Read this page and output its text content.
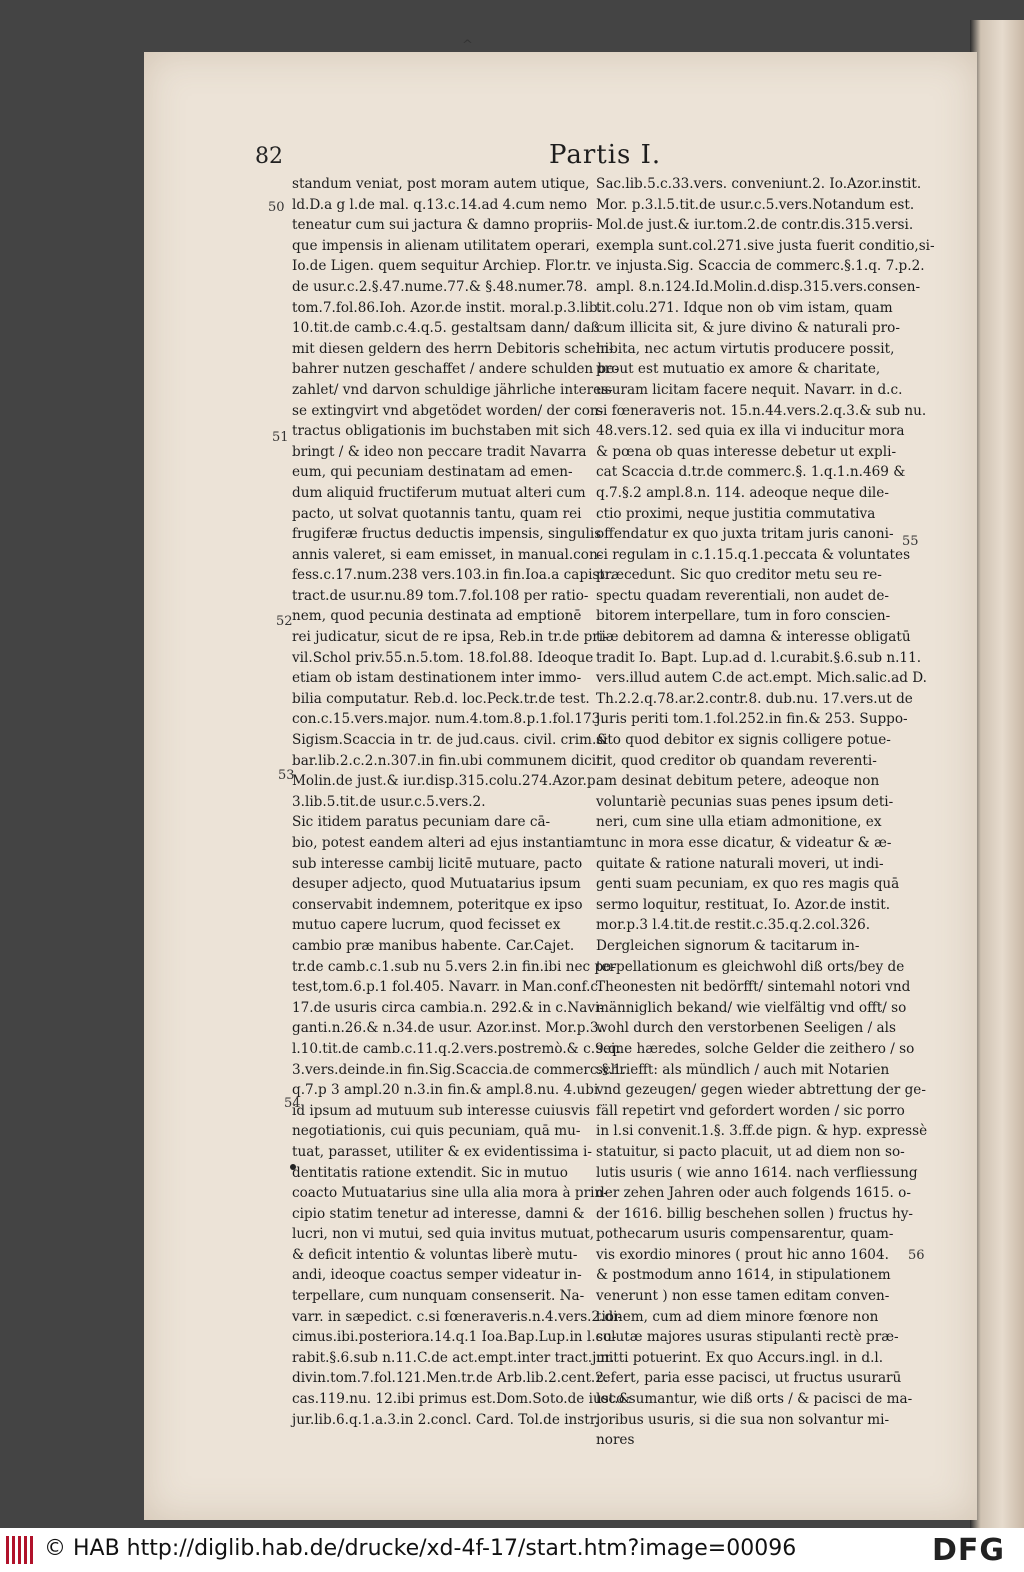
^
82	Partis I.
50
51
52
53
54
55
56
standum veniat, post moram autem utique,
ld.D.a g l.de mal. q.13.c.14.ad 4.cum nemo
teneatur cum sui jactura & damno propriis-
que impensis in alienam utilitatem operari,
Io.de Ligen. quem sequitur Archiep. Flor.tr.
de usur.c.2.§.47.nume.77.& §.48.numer.78.
tom.7.fol.86.Ioh. Azor.de instit. moral.p.3.lib.
10.tit.de camb.c.4.q.5. gestaltsam dann/ daß
mit diesen geldern des herrn Debitoris schein-
bahrer nutzen geschaffet / andere schulden be-
zahlet/ vnd darvon schuldige jährliche interes-
se extingvirt vnd abgetödet worden/ der con-
tractus obligationis im buchstaben mit sich
bringt / & ideo non peccare tradit Navarra
eum, qui pecuniam destinatam ad emen-
dum aliquid fructiferum mutuat alteri cum
pacto, ut solvat quotannis tantu, quam rei
frugiferæ fructus deductis impensis, singulis
annis valeret, si eam emisset, in manual.con-
fess.c.17.num.238 vers.103.in fin.Ioa.a capistr.
tract.de usur.nu.89 tom.7.fol.108 per ratio-
nem, quod pecunia destinata ad emptionē
rei judicatur, sicut de re ipsa, Reb.in tr.de pri-
vil.Schol priv.55.n.5.tom. 18.fol.88. Ideoque
etiam ob istam destinationem inter immo-
bilia computatur. Reb.d. loc.Peck.tr.de test.
con.c.15.vers.major. num.4.tom.8.p.1.fol.173.
Sigism.Scaccia in tr. de jud.caus. civil. crim.&
bar.lib.2.c.2.n.307.in fin.ubi communem dicit.
Molin.de just.& iur.disp.315.colu.274.Azor.p.
3.lib.5.tit.de usur.c.5.vers.2.
Sic itidem paratus pecuniam dare cā-
bio, potest eandem alteri ad ejus instantiam
sub interesse cambij licitē mutuare, pacto
desuper adjecto, quod Mutuatarius ipsum
conservabit indemnem, poteritque ex ipso
mutuo capere lucrum, quod fecisset ex
cambio præ manibus habente. Car.Cajet.
tr.de camb.c.1.sub nu 5.vers 2.in fin.ibi nec po-
test,tom.6.p.1 fol.405. Navarr. in Man.conf.c.
17.de usuris circa cambia.n. 292.& in c.Navi-
ganti.n.26.& n.34.de usur. Azor.inst. Mor.p.3.
l.10.tit.de camb.c.11.q.2.vers.postremò.& c.9.q.
3.vers.deinde.in fin.Sig.Scaccia.de commerc.§.1.
q.7.p 3 ampl.20 n.3.in fin.& ampl.8.nu. 4.ubi
id ipsum ad mutuum sub interesse cuiusvis
negotiationis, cui quis pecuniam, quā mu-
tuat, parasset, utiliter & ex evidentissima i-
dentitatis ratione extendit. Sic in mutuo
coacto Mutuatarius sine ulla alia mora à prin-
cipio statim tenetur ad interesse, damni &
lucri, non vi mutui, sed quia invitus mutuat,
& deficit intentio & voluntas liberè mutu-
andi, ideoque coactus semper videatur in-
terpellare, cum nunquam consenserit. Na-
varr. in sæpedict. c.si fœneraveris.n.4.vers.2.di-
cimus.ibi.posteriora.14.q.1 Ioa.Bap.Lup.in l.cu-
rabit.§.6.sub n.11.C.de act.empt.inter tract.jur.
divin.tom.7.fol.121.Men.tr.de Arb.lib.2.cent.2.
cas.119.nu. 12.ibi primus est.Dom.Soto.de iust.&
jur.lib.6.q.1.a.3.in 2.concl. Card. Tol.de instr.
Sac.lib.5.c.33.vers. conveniunt.2. Io.Azor.instit.
Mor. p.3.l.5.tit.de usur.c.5.vers.Notandum est.
Mol.de just.& iur.tom.2.de contr.dis.315.versi.
exempla sunt.col.271.sive justa fuerit conditio,si-
ve injusta.Sig. Scaccia de commerc.§.1.q. 7.p.2.
ampl. 8.n.124.Id.Molin.d.disp.315.vers.consen-
tit.colu.271. Idque non ob vim istam, quam
cum illicita sit, & jure divino & naturali pro-
hibita, nec actum virtutis producere possit,
prout est mutuatio ex amore & charitate,
usuram licitam facere nequit. Navarr. in d.c.
si fœneraveris not. 15.n.44.vers.2.q.3.& sub nu.
48.vers.12. sed quia ex illa vi inducitur mora
& pœna ob quas interesse debetur ut expli-
cat Scaccia d.tr.de commerc.§. 1.q.1.n.469 &
q.7.§.2 ampl.8.n. 114. adeoque neque dile-
ctio proximi, neque justitia commutativa
offendatur ex quo juxta tritam juris canoni-
ci regulam in c.1.15.q.1.peccata & voluntates
præcedunt. Sic quo creditor metu seu re-
spectu quadam reverentiali, non audet de-
bitorem interpellare, tum in foro conscien-
tiæ debitorem ad damna & interesse obligatū
tradit Io. Bapt. Lup.ad d. l.curabit.§.6.sub n.11.
vers.illud autem C.de act.empt. Mich.salic.ad D.
Th.2.2.q.78.ar.2.contr.8. dub.nu. 17.vers.ut de
juris periti tom.1.fol.252.in fin.& 253. Suppo-
sito quod debitor ex signis colligere potue-
rit, quod creditor ob quandam reverenti-
am desinat debitum petere, adeoque non
voluntariè pecunias suas penes ipsum deti-
neri, cum sine ulla etiam admonitione, ex
tunc in mora esse dicatur, & videatur & æ-
quitate & ratione naturali moveri, ut indi-
genti suam pecuniam, ex quo res magis quā
sermo loquitur, restituat, Io. Azor.de instit.
mor.p.3 l.4.tit.de restit.c.35.q.2.col.326.
Dergleichen signorum & tacitarum in-
terpellationum es gleichwohl diß orts/bey de
Theonesten nit bedörfft/ sintemahl notori vnd
männiglich bekand/ wie vielfältig vnd offt/ so
wohl durch den verstorbenen Seeligen / als
seine hæredes, solche Gelder die zeithero / so
schriefft: als mündlich / auch mit Notarien
vnd gezeugen/ gegen wieder abtrettung der ge-
fäll repetirt vnd gefordert worden / sic porro
in l.si convenit.1.§. 3.ff.de pign. & hyp. expressè
statuitur, si pacto placuit, ut ad diem non so-
lutis usuris ( wie anno 1614. nach verfliessung
der zehen Jahren oder auch folgends 1615. o-
der 1616. billig beschehen sollen ) fructus hy-
pothecarum usuris compensarentur, quam-
vis exordio minores ( prout hic anno 1604.
& postmodum anno 1614, in stipulationem
venerunt ) non esse tamen editam conven-
tionem, cum ad diem minore fœnore non
solutæ majores usuras stipulanti rectè præ-
mitti potuerint. Ex quo Accurs.ingl. in d.l.
refert, paria esse pacisci, ut fructus usurarū
loco sumantur, wie diß orts / & pacisci de ma-
joribus usuris, si die sua non solvantur mi-
nores
© HAB http://diglib.hab.de/drucke/xd-4f-17/start.htm?image=00096	DFG
